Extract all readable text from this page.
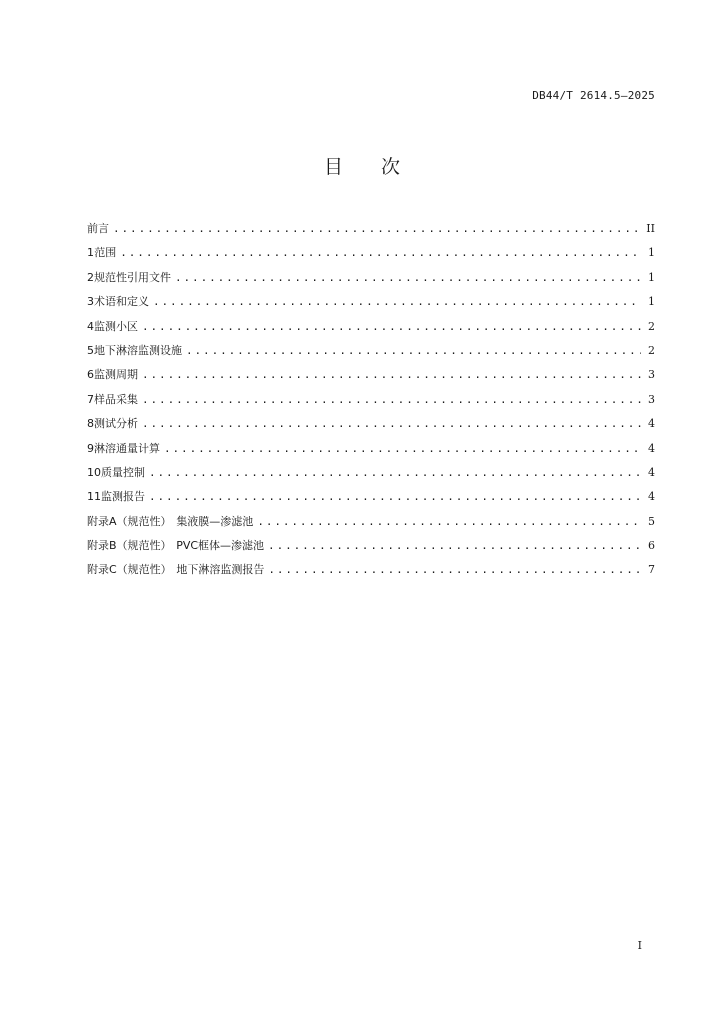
DB44/T 2614.5—2025
目 次
前言 .....	II
1 范围 .....	1
2 规范性引用文件 .....	1
3 术语和定义 .....	1
4 监测小区 .....	2
5 地下淋溶监测设施 .....	2
6 监测周期 .....	3
7 样品采集 .....	3
8 测试分析 .....	4
9 淋溶通量计算 .....	4
10 质量控制 .....	4
11 监测报告 .....	4
附录A（规范性） 集液膜—渗滤池 .....	5
附录B（规范性） PVC框体—渗滤池 .....	6
附录C（规范性） 地下淋溶监测报告 .....	7
I
